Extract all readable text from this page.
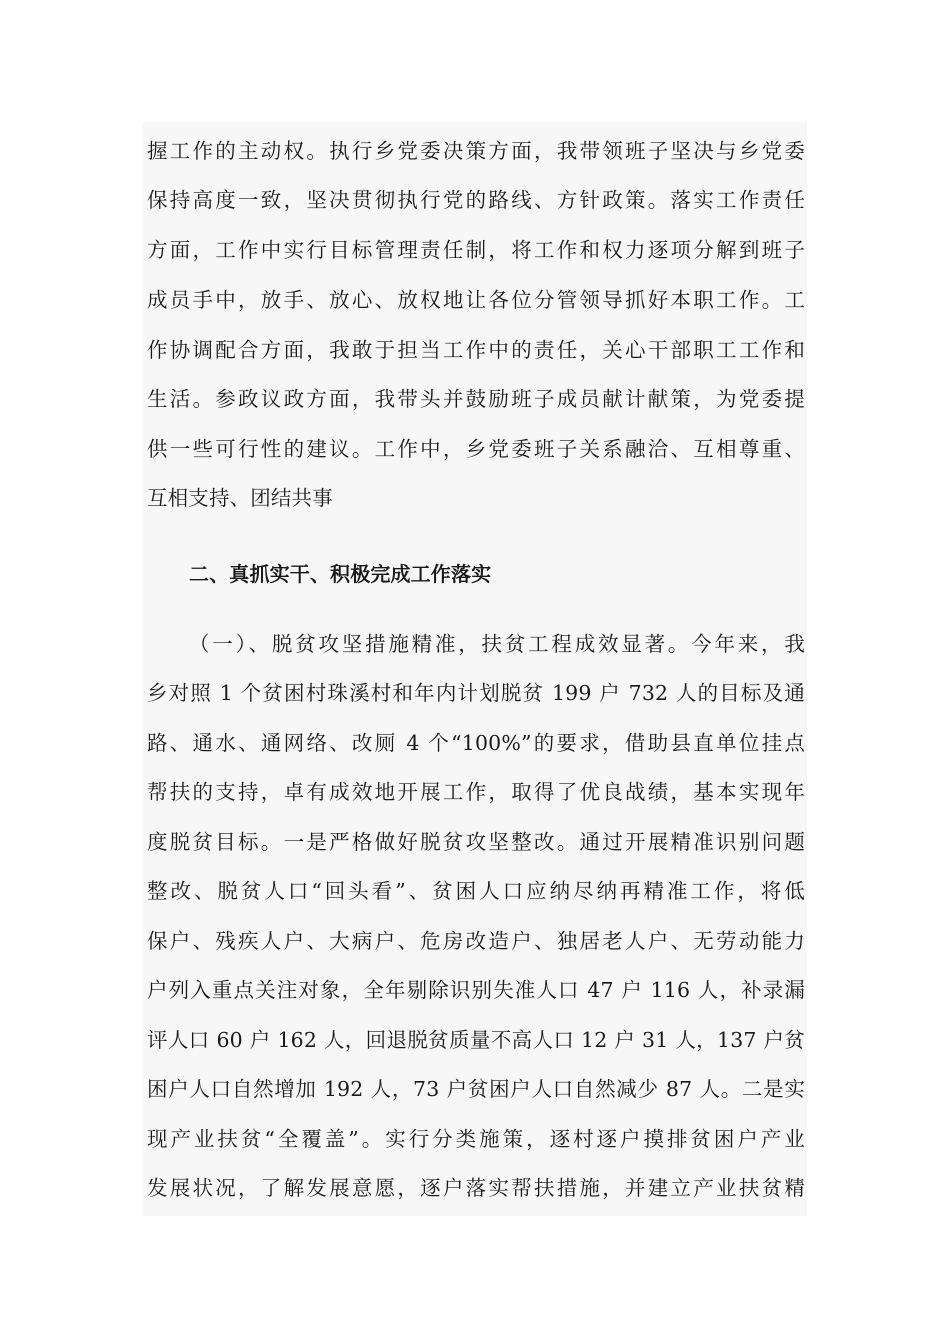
握工作的主动权。执行乡党委决策方面，我带领班子坚决与乡党委
保持高度一致，坚决贯彻执行党的路线、方针政策。落实工作责任
方面，工作中实行目标管理责任制，将工作和权力逐项分解到班子
成员手中，放手、放心、放权地让各位分管领导抓好本职工作。工
作协调配合方面，我敢于担当工作中的责任，关心干部职工工作和
生活。参政议政方面，我带头并鼓励班子成员献计献策，为党委提
供一些可行性的建议。工作中，乡党委班子关系融洽、互相尊重、
互相支持、团结共事
二、真抓实干、积极完成工作落实
（一）、脱贫攻坚措施精准，扶贫工程成效显著。今年来，我
乡对照 1 个贫困村珠溪村和年内计划脱贫 199 户 732 人的目标及通
路、通水、通网络、改厕 4 个“100%”的要求，借助县直单位挂点
帮扶的支持，卓有成效地开展工作，取得了优良战绩，基本实现年
度脱贫目标。一是严格做好脱贫攻坚整改。通过开展精准识别问题
整改、脱贫人口“回头看”、贫困人口应纳尽纳再精准工作，将低
保户、残疾人户、大病户、危房改造户、独居老人户、无劳动能力
户列入重点关注对象，全年剔除识别失准人口 47 户 116 人，补录漏
评人口 60 户 162 人，回退脱贫质量不高人口 12 户 31 人，137 户贫
困户人口自然增加 192 人，73 户贫困户人口自然减少 87 人。二是实
现产业扶贫“全覆盖”。实行分类施策，逐村逐户摸排贫困户产业
发展状况，了解发展意愿，逐户落实帮扶措施，并建立产业扶贫精
